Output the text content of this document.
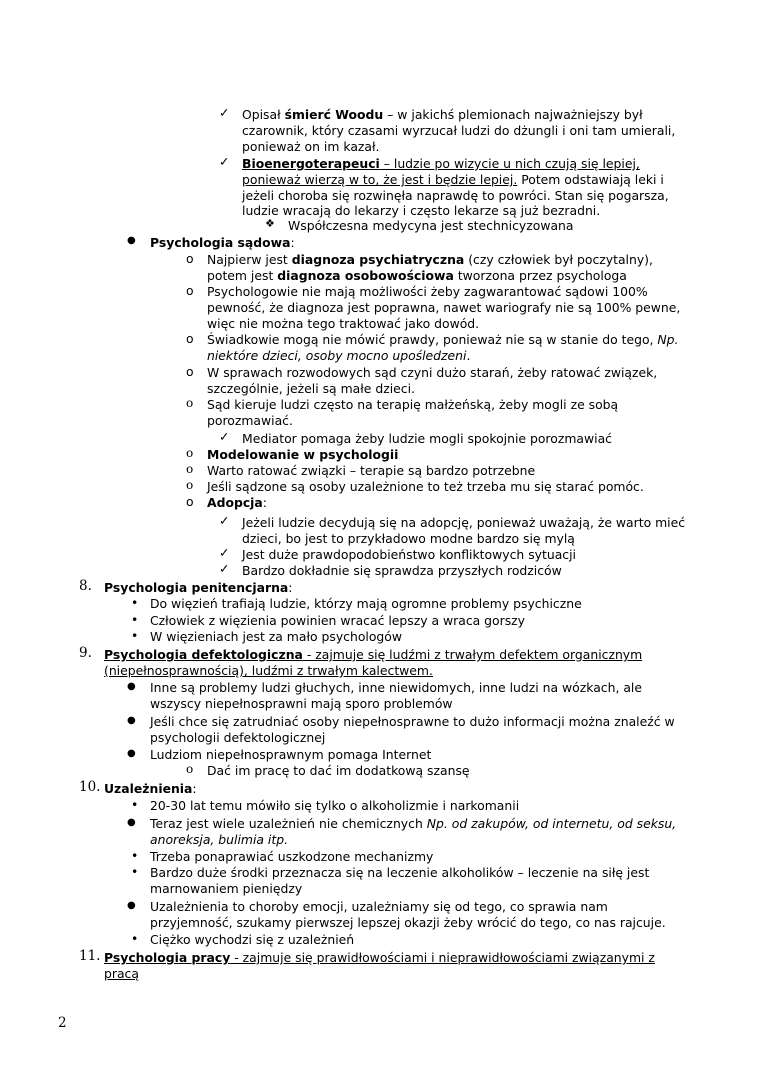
✓ Opisał śmierć Woodu – w jakichś plemionach najważniejszy był
czarownik, który czasami wyrzucał ludzi do dżungli i oni tam umierali,
ponieważ on im kazał.
✓ Bioenergoterapeuci – ludzie po wizycie u nich czują się lepiej,
ponieważ wierzą w to, że jest i będzie lepiej. Potem odstawiają leki i
jeżeli choroba się rozwinęła naprawdę to powróci. Stan się pogarsza,
ludzie wracają do lekarzy i często lekarze są już bezradni.
❖ Współczesna medycyna jest stechnicyzowana
● Psychologia sądowa:
o Najpierw jest diagnoza psychiatryczna (czy człowiek był poczytalny),
potem jest diagnoza osobowościowa tworzona przez psychologa
o Psychologowie nie mają możliwości żeby zagwarantować sądowi 100%
pewność, że diagnoza jest poprawna, nawet wariografy nie są 100% pewne,
więc nie można tego traktować jako dowód.
o Świadkowie mogą nie mówić prawdy, ponieważ nie są w stanie do tego, Np.
niektóre dzieci, osoby mocno upośledzeni.
o W sprawach rozwodowych sąd czyni dużo starań, żeby ratować związek,
szczególnie, jeżeli są małe dzieci.
o Sąd kieruje ludzi często na terapię małżeńską, żeby mogli ze sobą
porozmawiać.
✓ Mediator pomaga żeby ludzie mogli spokojnie porozmawiać
o Modelowanie w psychologii
o Warto ratować związki – terapie są bardzo potrzebne
o Jeśli sądzone są osoby uzależnione to też trzeba mu się starać pomóc.
o Adopcja:
✓ Jeżeli ludzie decydują się na adopcję, ponieważ uważają, że warto mieć
dzieci, bo jest to przykładowo modne bardzo się mylą
✓ Jest duże prawdopodobieństwo konfliktowych sytuacji
✓ Bardzo dokładnie się sprawdza przyszłych rodziców
8. Psychologia penitencjarna:
• Do więzień trafiają ludzie, którzy mają ogromne problemy psychiczne
• Człowiek z więzienia powinien wracać lepszy a wraca gorszy
• W więzieniach jest za mało psychologów
9. Psychologia defektologiczna - zajmuje się ludźmi z trwałym defektem organicznym
(niepełnosprawnością), ludźmi z trwałym kalectwem.
● Inne są problemy ludzi głuchych, inne niewidomych, inne ludzi na wózkach, ale
wszyscy niepełnosprawni mają sporo problemów
● Jeśli chce się zatrudniać osoby niepełnosprawne to dużo informacji można znaleźć w
psychologii defektologicznej
● Ludziom niepełnosprawnym pomaga Internet
o Dać im pracę to dać im dodatkową szansę
10. Uzależnienia:
• 20-30 lat temu mówiło się tylko o alkoholizmie i narkomanii
● Teraz jest wiele uzależnień nie chemicznych Np. od zakupów, od internetu, od seksu,
anoreksja, bulimia itp.
• Trzeba ponaprawiać uszkodzone mechanizmy
• Bardzo duże środki przeznacza się na leczenie alkoholików – leczenie na siłę jest
marnowaniem pieniędzy
● Uzależnienia to choroby emocji, uzależniamy się od tego, co sprawia nam
przyjemność, szukamy pierwszej lepszej okazji żeby wrócić do tego, co nas rajcuje.
• Ciężko wychodzi się z uzależnień
11. Psychologia pracy - zajmuje się prawidłowościami i nieprawidłowościami związanymi z
pracą
2
